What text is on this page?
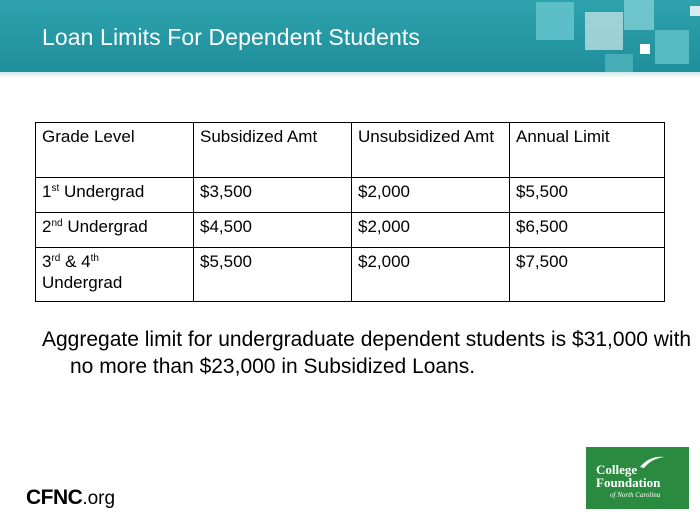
Loan Limits For Dependent Students
Grade Level	Subsidized Amt	Unsubsidized Amt	Annual Limit
1st Undergrad	$3,500	$2,000	$5,500
2nd Undergrad	$4,500	$2,000	$6,500
3rd & 4th
Undergrad	$5,500	$2,000	$7,500
Aggregate limit for undergraduate dependent students is $31,000 with no more than $23,000 in Subsidized Loans.
CFNC.org
College
Foundation
of North Carolina
